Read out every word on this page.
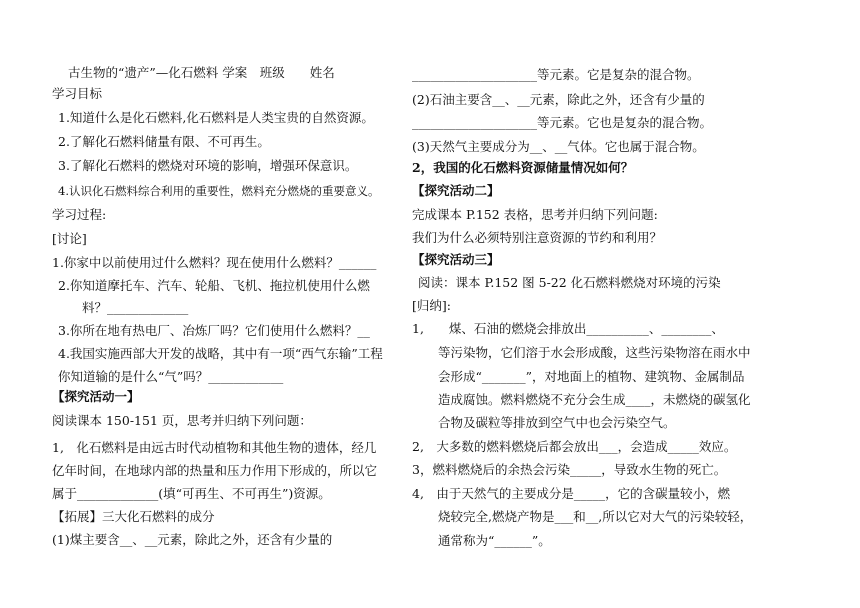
古生物的“遗产”—化石燃料 学案　班级　　姓名
学习目标
1.知道什么是化石燃料,化石燃料是人类宝贵的自然资源。
2.了解化石燃料储量有限、不可再生。
3.了解化石燃料的燃烧对环境的影响，增强环保意识。
4.认识化石燃料综合利用的重要性，燃料充分燃烧的重要意义。
学习过程:
[讨论]
1.你家中以前使用过什么燃料？现在使用什么燃料？______
2.你知道摩托车、汽车、轮船、飞机、拖拉机使用什么燃
料？_____________
3.你所在地有热电厂、冶炼厂吗？它们使用什么燃料？__
4.我国实施西部大开发的战略，其中有一项“西气东输”工程
你知道输的是什么“气”吗？____________
【探究活动一】
阅读课本 150-151 页，思考并归纳下列问题：
1,　化石燃料是由远古时代动植物和其他生物的遗体，经几
亿年时间，在地球内部的热量和压力作用下形成的，所以它
属于_____________(填“可再生、不可再生”)资源。
【拓展】三大化石燃料的成分
(1)煤主要含__、__元素，除此之外，还含有少量的
____________________等元素。它是复杂的混合物。
(2)石油主要含__、__元素，除此之外，还含有少量的
____________________等元素。它也是复杂的混合物。
(3)天然气主要成分为__、__气体。它也属于混合物。
2，我国的化石燃料资源储量情况如何？
【探究活动二】
完成课本 P.152 表格，思考并归纳下列问题:
我们为什么必须特别注意资源的节约和利用？
【探究活动三】
阅读：课本 P.152 图 5-22 化石燃料燃烧对环境的污染
[归纳]:
1,　　煤、石油的燃烧会排放出__________、________、
等污染物，它们溶于水会形成酸，这些污染物溶在雨水中
会形成“_______”，对地面上的植物、建筑物、金属制品
造成腐蚀。燃料燃烧不充分会生成____，未燃烧的碳氢化
合物及碳粒等排放到空气中也会污染空气。
2,　大多数的燃料燃烧后都会放出___，会造成_____效应。
3，燃料燃烧后的余热会污染_____，导致水生物的死亡。
4,　由于天然气的主要成分是_____，它的含碳量较小，燃
烧较完全,燃烧产物是___和__,所以它对大气的污染较轻，
通常称为“______”。
